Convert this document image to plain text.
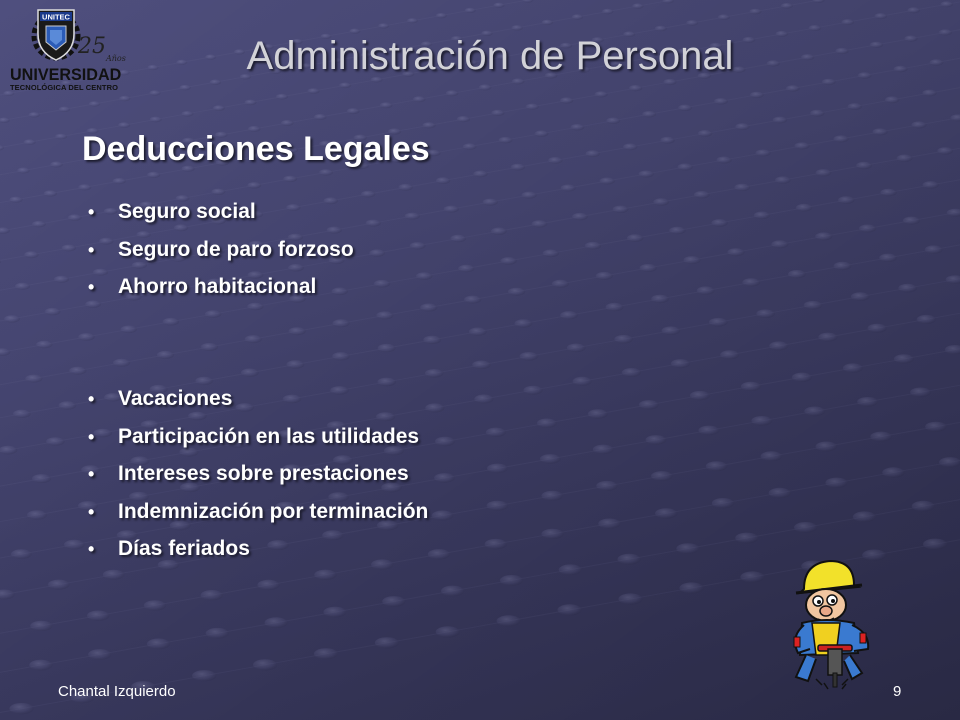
UNITEC
25 Años
UNIVERSIDAD
TECNOLÓGICA DEL CENTRO
Administración de Personal
Deducciones Legales
• Seguro social
• Seguro de paro forzoso
• Ahorro habitacional
• Vacaciones
• Participación en las utilidades
• Intereses sobre prestaciones
• Indemnización por terminación
• Días feriados
Chantal Izquierdo	9
